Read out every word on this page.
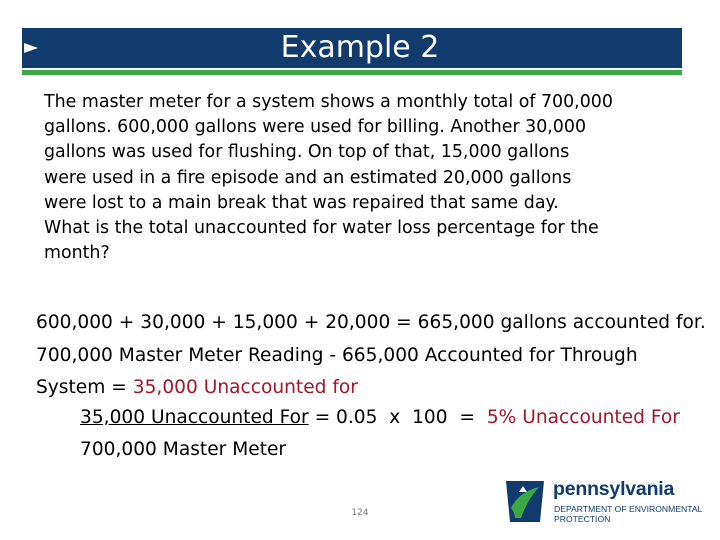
Example 2
The master meter for a system shows a monthly total of 700,000
gallons. 600,000 gallons were used for billing. Another 30,000
gallons was used for flushing. On top of that, 15,000 gallons
were used in a fire episode and an estimated 20,000 gallons
were lost to a main break that was repaired that same day.
What is the total unaccounted for water loss percentage for the
month?
600,000 + 30,000 + 15,000 + 20,000 = 665,000 gallons accounted for.
700,000 Master Meter Reading - 665,000 Accounted for Through
System = 35,000 Unaccounted for
35,000 Unaccounted For = 0.05  x  100  =  5% Unaccounted For
700,000 Master Meter
124
pennsylvania
DEPARTMENT OF ENVIRONMENTAL
PROTECTION
